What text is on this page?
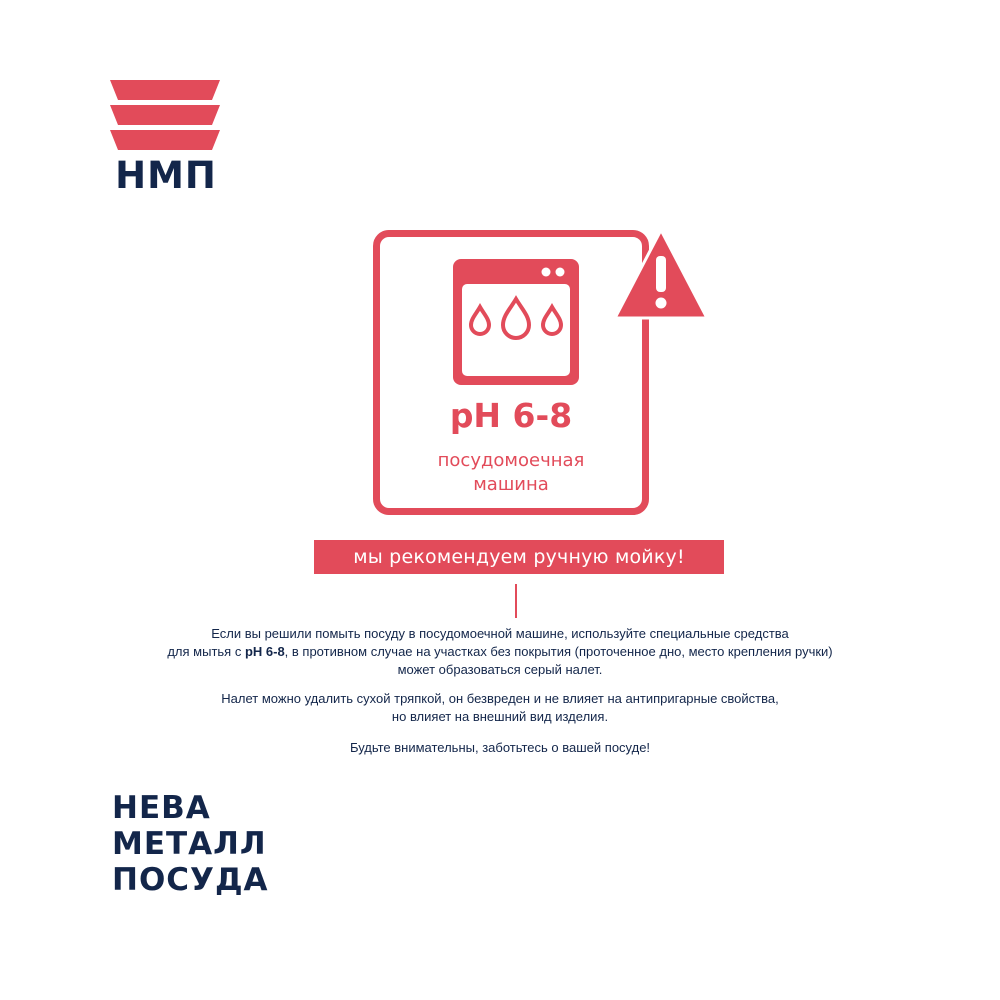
НМП
pH 6-8
посудомоечная
машина
мы рекомендуем ручную мойку!
Если вы решили помыть посуду в посудомоечной машине, используйте специальные средства
для мытья с pH 6-8, в противном случае на участках без покрытия (проточенное дно, место крепления ручки)
может образоваться серый налет.
Налет можно удалить сухой тряпкой, он безвреден и не влияет на антипригарные свойства,
но влияет на внешний вид изделия.
Будьте внимательны, заботьтесь о вашей посуде!
НЕВА
МЕТАЛЛ
ПОСУДА
